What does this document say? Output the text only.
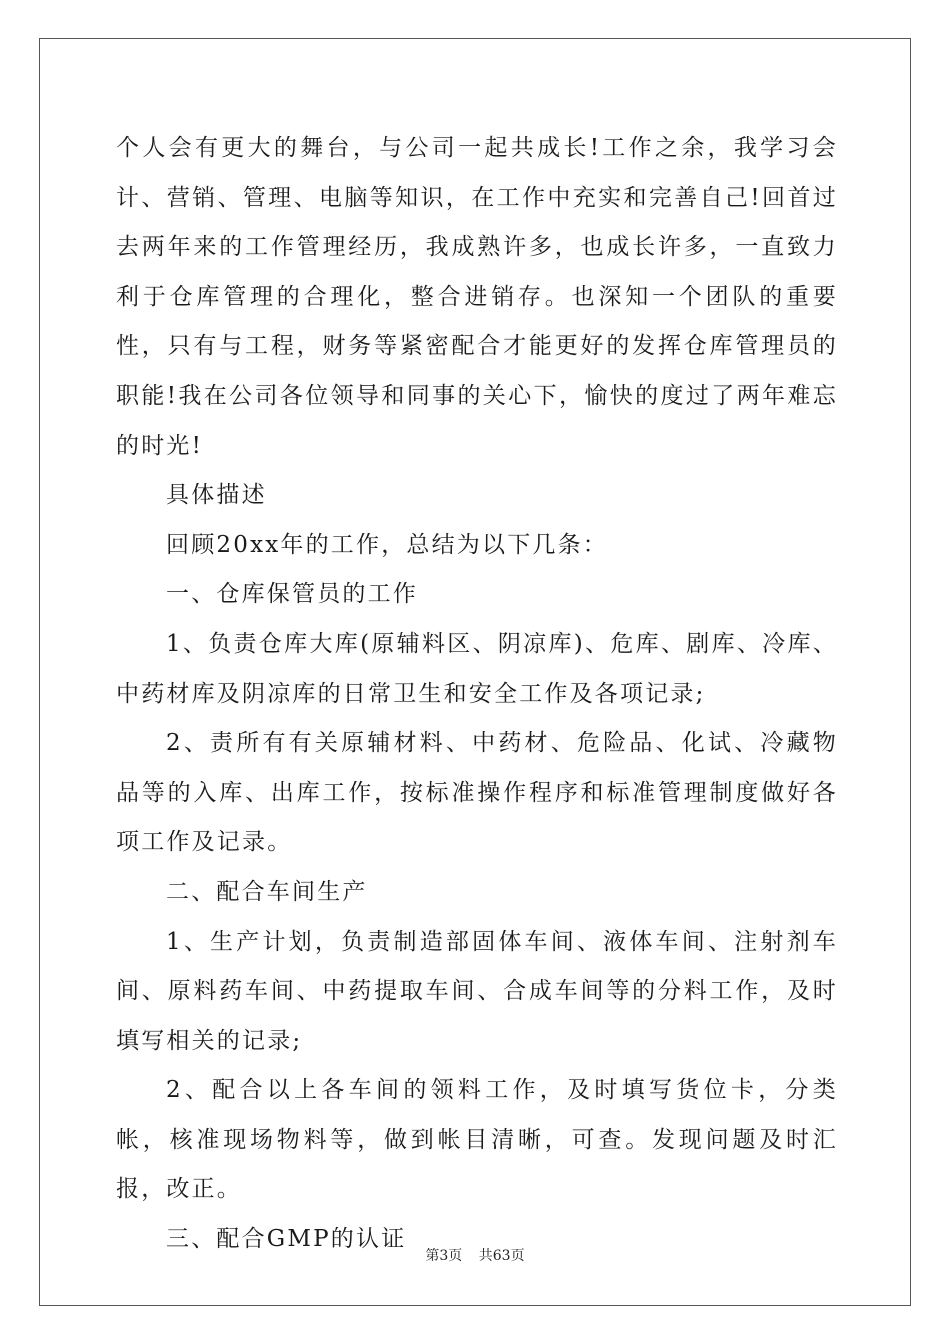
个人会有更大的舞台，与公司一起共成长!工作之余，我学习会计、营销、管理、电脑等知识，在工作中充实和完善自己!回首过去两年来的工作管理经历，我成熟许多，也成长许多，一直致力利于仓库管理的合理化，整合进销存。也深知一个团队的重要性，只有与工程，财务等紧密配合才能更好的发挥仓库管理员的职能!我在公司各位领导和同事的关心下，愉快的度过了两年难忘的时光!

具体描述

回顾20xx年的工作，总结为以下几条：

一、仓库保管员的工作

1、负责仓库大库(原辅料区、阴凉库)、危库、剧库、冷库、中药材库及阴凉库的日常卫生和安全工作及各项记录;

2、责所有有关原辅材料、中药材、危险品、化试、冷藏物品等的入库、出库工作，按标准操作程序和标准管理制度做好各项工作及记录。

二、配合车间生产

1、生产计划，负责制造部固体车间、液体车间、注射剂车间、原料药车间、中药提取车间、合成车间等的分料工作，及时填写相关的记录;

2、配合以上各车间的领料工作，及时填写货位卡，分类帐，核准现场物料等，做到帐目清晰，可查。发现问题及时汇报，改正。

三、配合GMP的认证

第3页 共63页
